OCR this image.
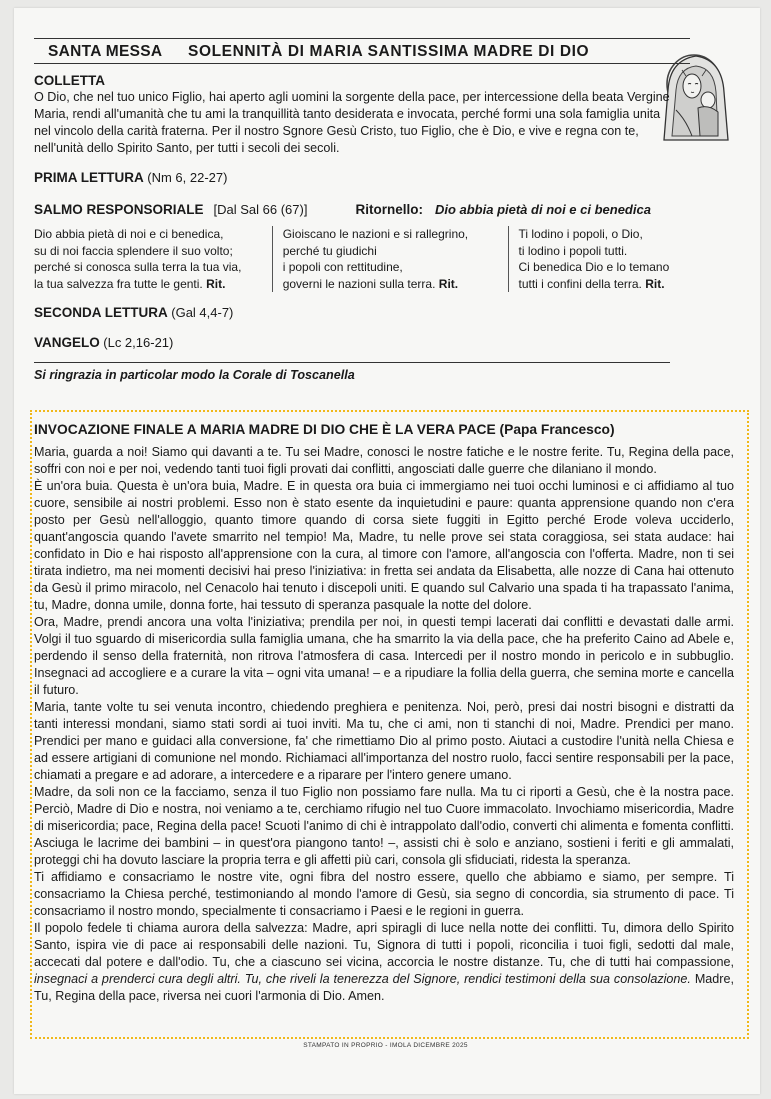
SANTA MESSA	SOLENNITÀ DI MARIA SANTISSIMA MADRE DI DIO
COLLETTA

O Dio, che nel tuo unico Figlio, hai aperto agli uomini la sorgente della pace, per intercessione della beata Vergine Maria, rendi all'umanità che tu ami la tranquillità tanto desiderata e invocata, perché formi una sola famiglia unita nel vincolo della carità fraterna. Per il nostro Sgnore Gesù Cristo, tuo Figlio, che è Dio, e vive e regna con te, nell'unità dello Spirito Santo, per tutti i secoli dei secoli.

PRIMA LETTURA (Nm 6, 22-27)
SALMO RESPONSORIALE [Dal Sal 66 (67)]	Ritornello: Dio abbia pietà di noi e ci benedica
Dio abbia pietà di noi e ci benedica,
su di noi faccia splendere il suo volto;
perché si conosca sulla terra la tua via,
la tua salvezza fra tutte le genti. Rit.
Gioiscano le nazioni e si rallegrino,
perché tu giudichi
i popoli con rettitudine,
governi le nazioni sulla terra. Rit.
Ti lodino i popoli, o Dio,
ti lodino i popoli tutti.
Ci benedica Dio e lo temano
tutti i confini della terra. Rit.
SECONDA LETTURA (Gal 4,4-7)
VANGELO (Lc 2,16-21)
Si ringrazia in particolar modo la Corale di Toscanella
INVOCAZIONE FINALE A MARIA MADRE DI DIO CHE È LA VERA PACE (Papa Francesco)

Maria, guarda a noi! Siamo qui davanti a te. Tu sei Madre, conosci le nostre fatiche e le nostre ferite. Tu, Regina della pace, soffri con noi e per noi, vedendo tanti tuoi figli provati dai conflitti, angosciati dalle guerre che dilaniano il mondo.

È un'ora buia. Questa è un'ora buia, Madre. E in questa ora buia ci immergiamo nei tuoi occhi luminosi e ci affidiamo al tuo cuore, sensibile ai nostri problemi. Esso non è stato esente da inquietudini e paure: quanta apprensione quando non c'era posto per Gesù nell'alloggio, quanto timore quando di corsa siete fuggiti in Egitto perché Erode voleva ucciderlo, quant'angoscia quando l'avete smarrito nel tempio! Ma, Madre, tu nelle prove sei stata coraggiosa, sei stata audace: hai confidato in Dio e hai risposto all'apprensione con la cura, al timore con l'amore, all'angoscia con l'offerta. Madre, non ti sei tirata indietro, ma nei momenti decisivi hai preso l'iniziativa: in fretta sei andata da Elisabetta, alle nozze di Cana hai ottenuto da Gesù il primo miracolo, nel Cenacolo hai tenuto i discepoli uniti. E quando sul Calvario una spada ti ha trapassato l'anima, tu, Madre, donna umile, donna forte, hai tessuto di speranza pasquale la notte del dolore.

Ora, Madre, prendi ancora una volta l'iniziativa; prendila per noi, in questi tempi lacerati dai conflitti e devastati dalle armi. Volgi il tuo sguardo di misericordia sulla famiglia umana, che ha smarrito la via della pace, che ha preferito Caino ad Abele e, perdendo il senso della fraternità, non ritrova l'atmosfera di casa. Intercedi per il nostro mondo in pericolo e in subbuglio. Insegnaci ad accogliere e a curare la vita – ogni vita umana! – e a ripudiare la follia della guerra, che semina morte e cancella il futuro.

Maria, tante volte tu sei venuta incontro, chiedendo preghiera e penitenza. Noi, però, presi dai nostri bisogni e distratti da tanti interessi mondani, siamo stati sordi ai tuoi inviti. Ma tu, che ci ami, non ti stanchi di noi, Madre. Prendici per mano. Prendici per mano e guidaci alla conversione, fa' che rimettiamo Dio al primo posto. Aiutaci a custodire l'unità nella Chiesa e ad essere artigiani di comunione nel mondo. Richiamaci all'importanza del nostro ruolo, facci sentire responsabili per la pace, chiamati a pregare e ad adorare, a intercedere e a riparare per l'intero genere umano.

Madre, da soli non ce la facciamo, senza il tuo Figlio non possiamo fare nulla. Ma tu ci riporti a Gesù, che è la nostra pace. Perciò, Madre di Dio e nostra, noi veniamo a te, cerchiamo rifugio nel tuo Cuore immacolato. Invochiamo misericordia, Madre di misericordia; pace, Regina della pace! Scuoti l'animo di chi è intrappolato dall'odio, converti chi alimenta e fomenta conflitti. Asciuga le lacrime dei bambini – in quest'ora piangono tanto! –, assisti chi è solo e anziano, sostieni i feriti e gli ammalati, proteggi chi ha dovuto lasciare la propria terra e gli affetti più cari, consola gli sfiduciati, ridesta la speranza.

Ti affidiamo e consacriamo le nostre vite, ogni fibra del nostro essere, quello che abbiamo e siamo, per sempre. Ti consacriamo la Chiesa perché, testimoniando al mondo l'amore di Gesù, sia segno di concordia, sia strumento di pace. Ti consacriamo il nostro mondo, specialmente ti consacriamo i Paesi e le regioni in guerra.

Il popolo fedele ti chiama aurora della salvezza: Madre, apri spiragli di luce nella notte dei conflitti. Tu, dimora dello Spirito Santo, ispira vie di pace ai responsabili delle nazioni. Tu, Signora di tutti i popoli, riconcilia i tuoi figli, sedotti dal male, accecati dal potere e dall'odio. Tu, che a ciascuno sei vicina, accorcia le nostre distanze. Tu, che di tutti hai compassione, insegnaci a prenderci cura degli altri. Tu, che riveli la tenerezza del Signore, rendici testimoni della sua consolazione. Madre, Tu, Regina della pace, riversa nei cuori l'armonia di Dio. Amen.

STAMPATO IN PROPRIO - IMOLA DICEMBRE 2025
